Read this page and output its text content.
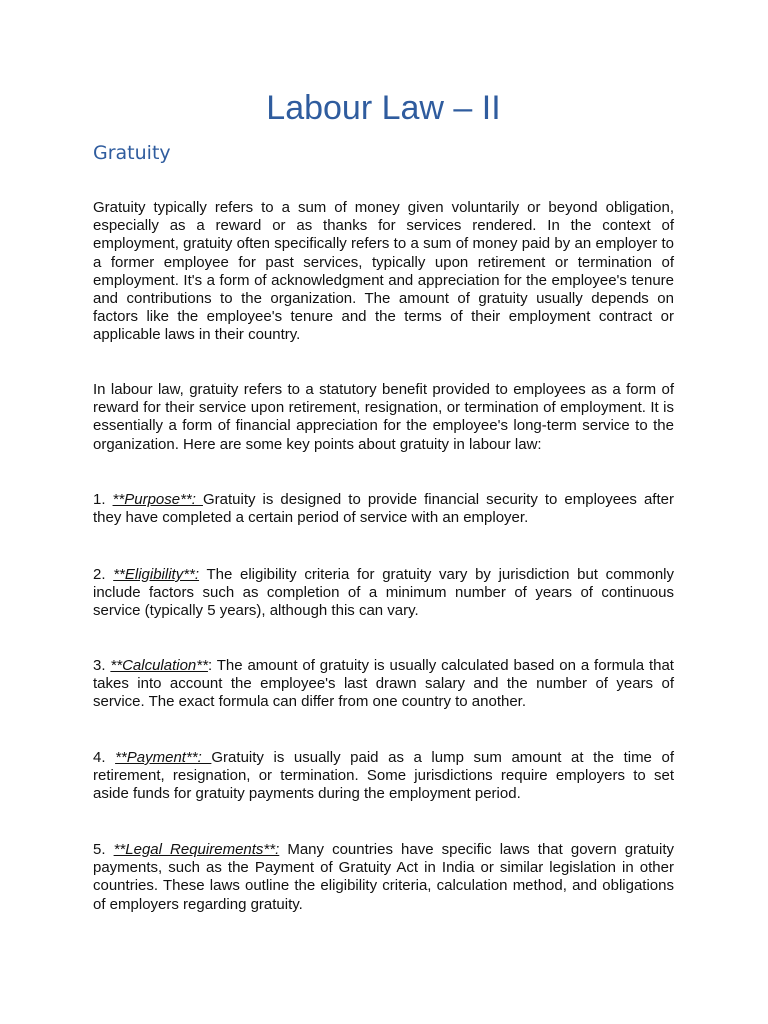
Labour Law – II
Gratuity

Gratuity typically refers to a sum of money given voluntarily or beyond obligation, especially as a reward or as thanks for services rendered. In the context of employment, gratuity often specifically refers to a sum of money paid by an employer to a former employee for past services, typically upon retirement or termination of employment. It's a form of acknowledgment and appreciation for the employee's tenure and contributions to the organization. The amount of gratuity usually depends on factors like the employee's tenure and the terms of their employment contract or applicable laws in their country.

In labour law, gratuity refers to a statutory benefit provided to employees as a form of reward for their service upon retirement, resignation, or termination of employment. It is essentially a form of financial appreciation for the employee's long-term service to the organization. Here are some key points about gratuity in labour law:

1. **Purpose**: Gratuity is designed to provide financial security to employees after they have completed a certain period of service with an employer.

2. **Eligibility**: The eligibility criteria for gratuity vary by jurisdiction but commonly include factors such as completion of a minimum number of years of continuous service (typically 5 years), although this can vary.

3. **Calculation**: The amount of gratuity is usually calculated based on a formula that takes into account the employee's last drawn salary and the number of years of service. The exact formula can differ from one country to another.

4. **Payment**: Gratuity is usually paid as a lump sum amount at the time of retirement, resignation, or termination. Some jurisdictions require employers to set aside funds for gratuity payments during the employment period.

5. **Legal Requirements**: Many countries have specific laws that govern gratuity payments, such as the Payment of Gratuity Act in India or similar legislation in other countries. These laws outline the eligibility criteria, calculation method, and obligations of employers regarding gratuity.
